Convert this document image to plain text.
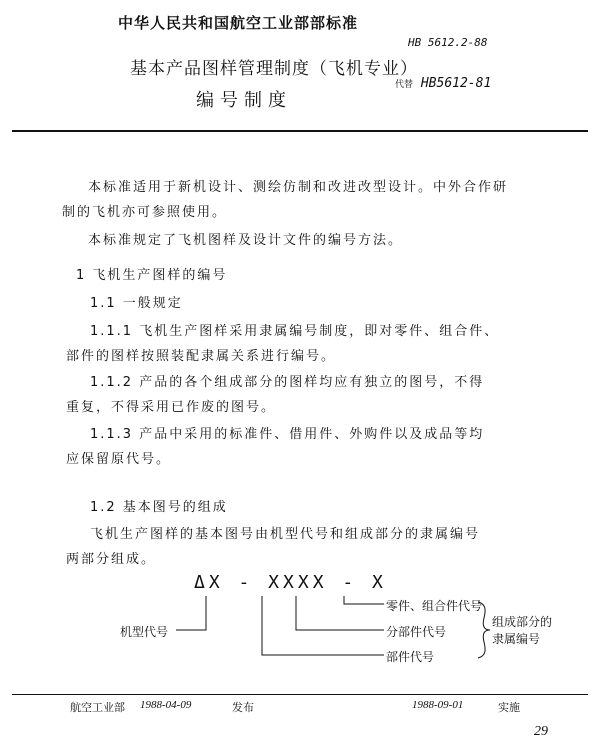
中华人民共和国航空工业部部标准
HB 5612.2-88
基本产品图样管理制度（飞机专业）
代替 HB5612-81
编号制度
本标准适用于新机设计、测绘仿制和改进改型设计。中外合作研
制的飞机亦可参照使用。
本标准规定了飞机图样及设计文件的编号方法。
1 飞机生产图样的编号
1.1 一般规定
1.1.1 飞机生产图样采用隶属编号制度，即对零件、组合件、
部件的图样按照装配隶属关系进行编号。
1.1.2 产品的各个组成部分的图样均应有独立的图号，不得
重复，不得采用已作废的图号。
1.1.3 产品中采用的标准件、借用件、外购件以及成品等均
应保留原代号。
1.2 基本图号的组成
飞机生产图样的基本图号由机型代号和组成部分的隶属编号
两部分组成。
ΔX - XXXX - X
机型代号
零件、组合件代号
分部件代号
部件代号
组成部分的隶属编号
航空工业部 1988-04-09	发布	1988-09-01	实施
29
